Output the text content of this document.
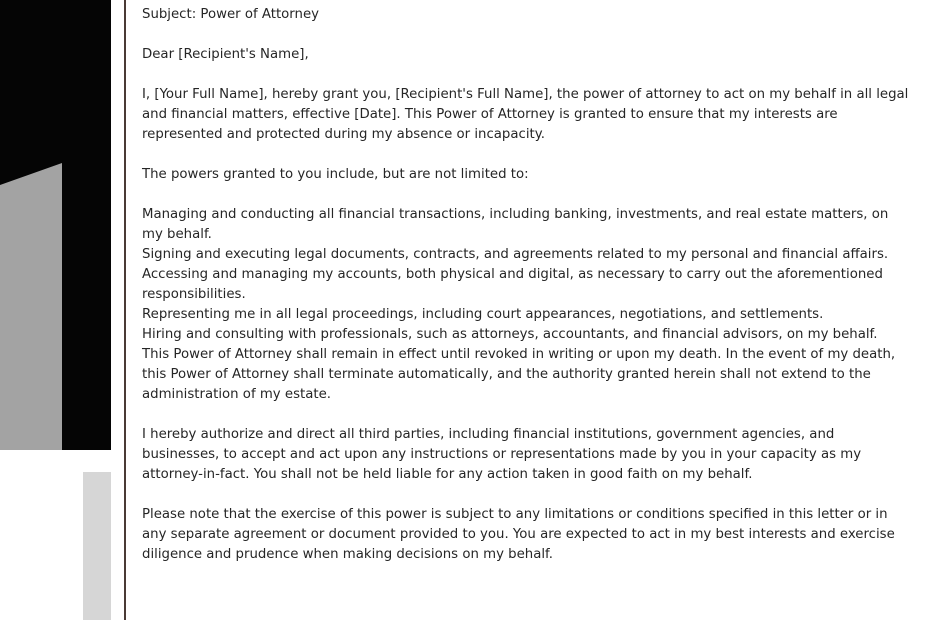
Subject: Power of Attorney

Dear [Recipient's Name],

I, [Your Full Name], hereby grant you, [Recipient's Full Name], the power of attorney to act on my behalf in all legal and financial matters, effective [Date]. This Power of Attorney is granted to ensure that my interests are represented and protected during my absence or incapacity.

The powers granted to you include, but are not limited to:

Managing and conducting all financial transactions, including banking, investments, and real estate matters, on my behalf.

Signing and executing legal documents, contracts, and agreements related to my personal and financial affairs.

Accessing and managing my accounts, both physical and digital, as necessary to carry out the aforementioned responsibilities.

Representing me in all legal proceedings, including court appearances, negotiations, and settlements.

Hiring and consulting with professionals, such as attorneys, accountants, and financial advisors, on my behalf.

This Power of Attorney shall remain in effect until revoked in writing or upon my death. In the event of my death, this Power of Attorney shall terminate automatically, and the authority granted herein shall not extend to the administration of my estate.

I hereby authorize and direct all third parties, including financial institutions, government agencies, and businesses, to accept and act upon any instructions or representations made by you in your capacity as my attorney-in-fact. You shall not be held liable for any action taken in good faith on my behalf.

Please note that the exercise of this power is subject to any limitations or conditions specified in this letter or in any separate agreement or document provided to you. You are expected to act in my best interests and exercise diligence and prudence when making decisions on my behalf.
